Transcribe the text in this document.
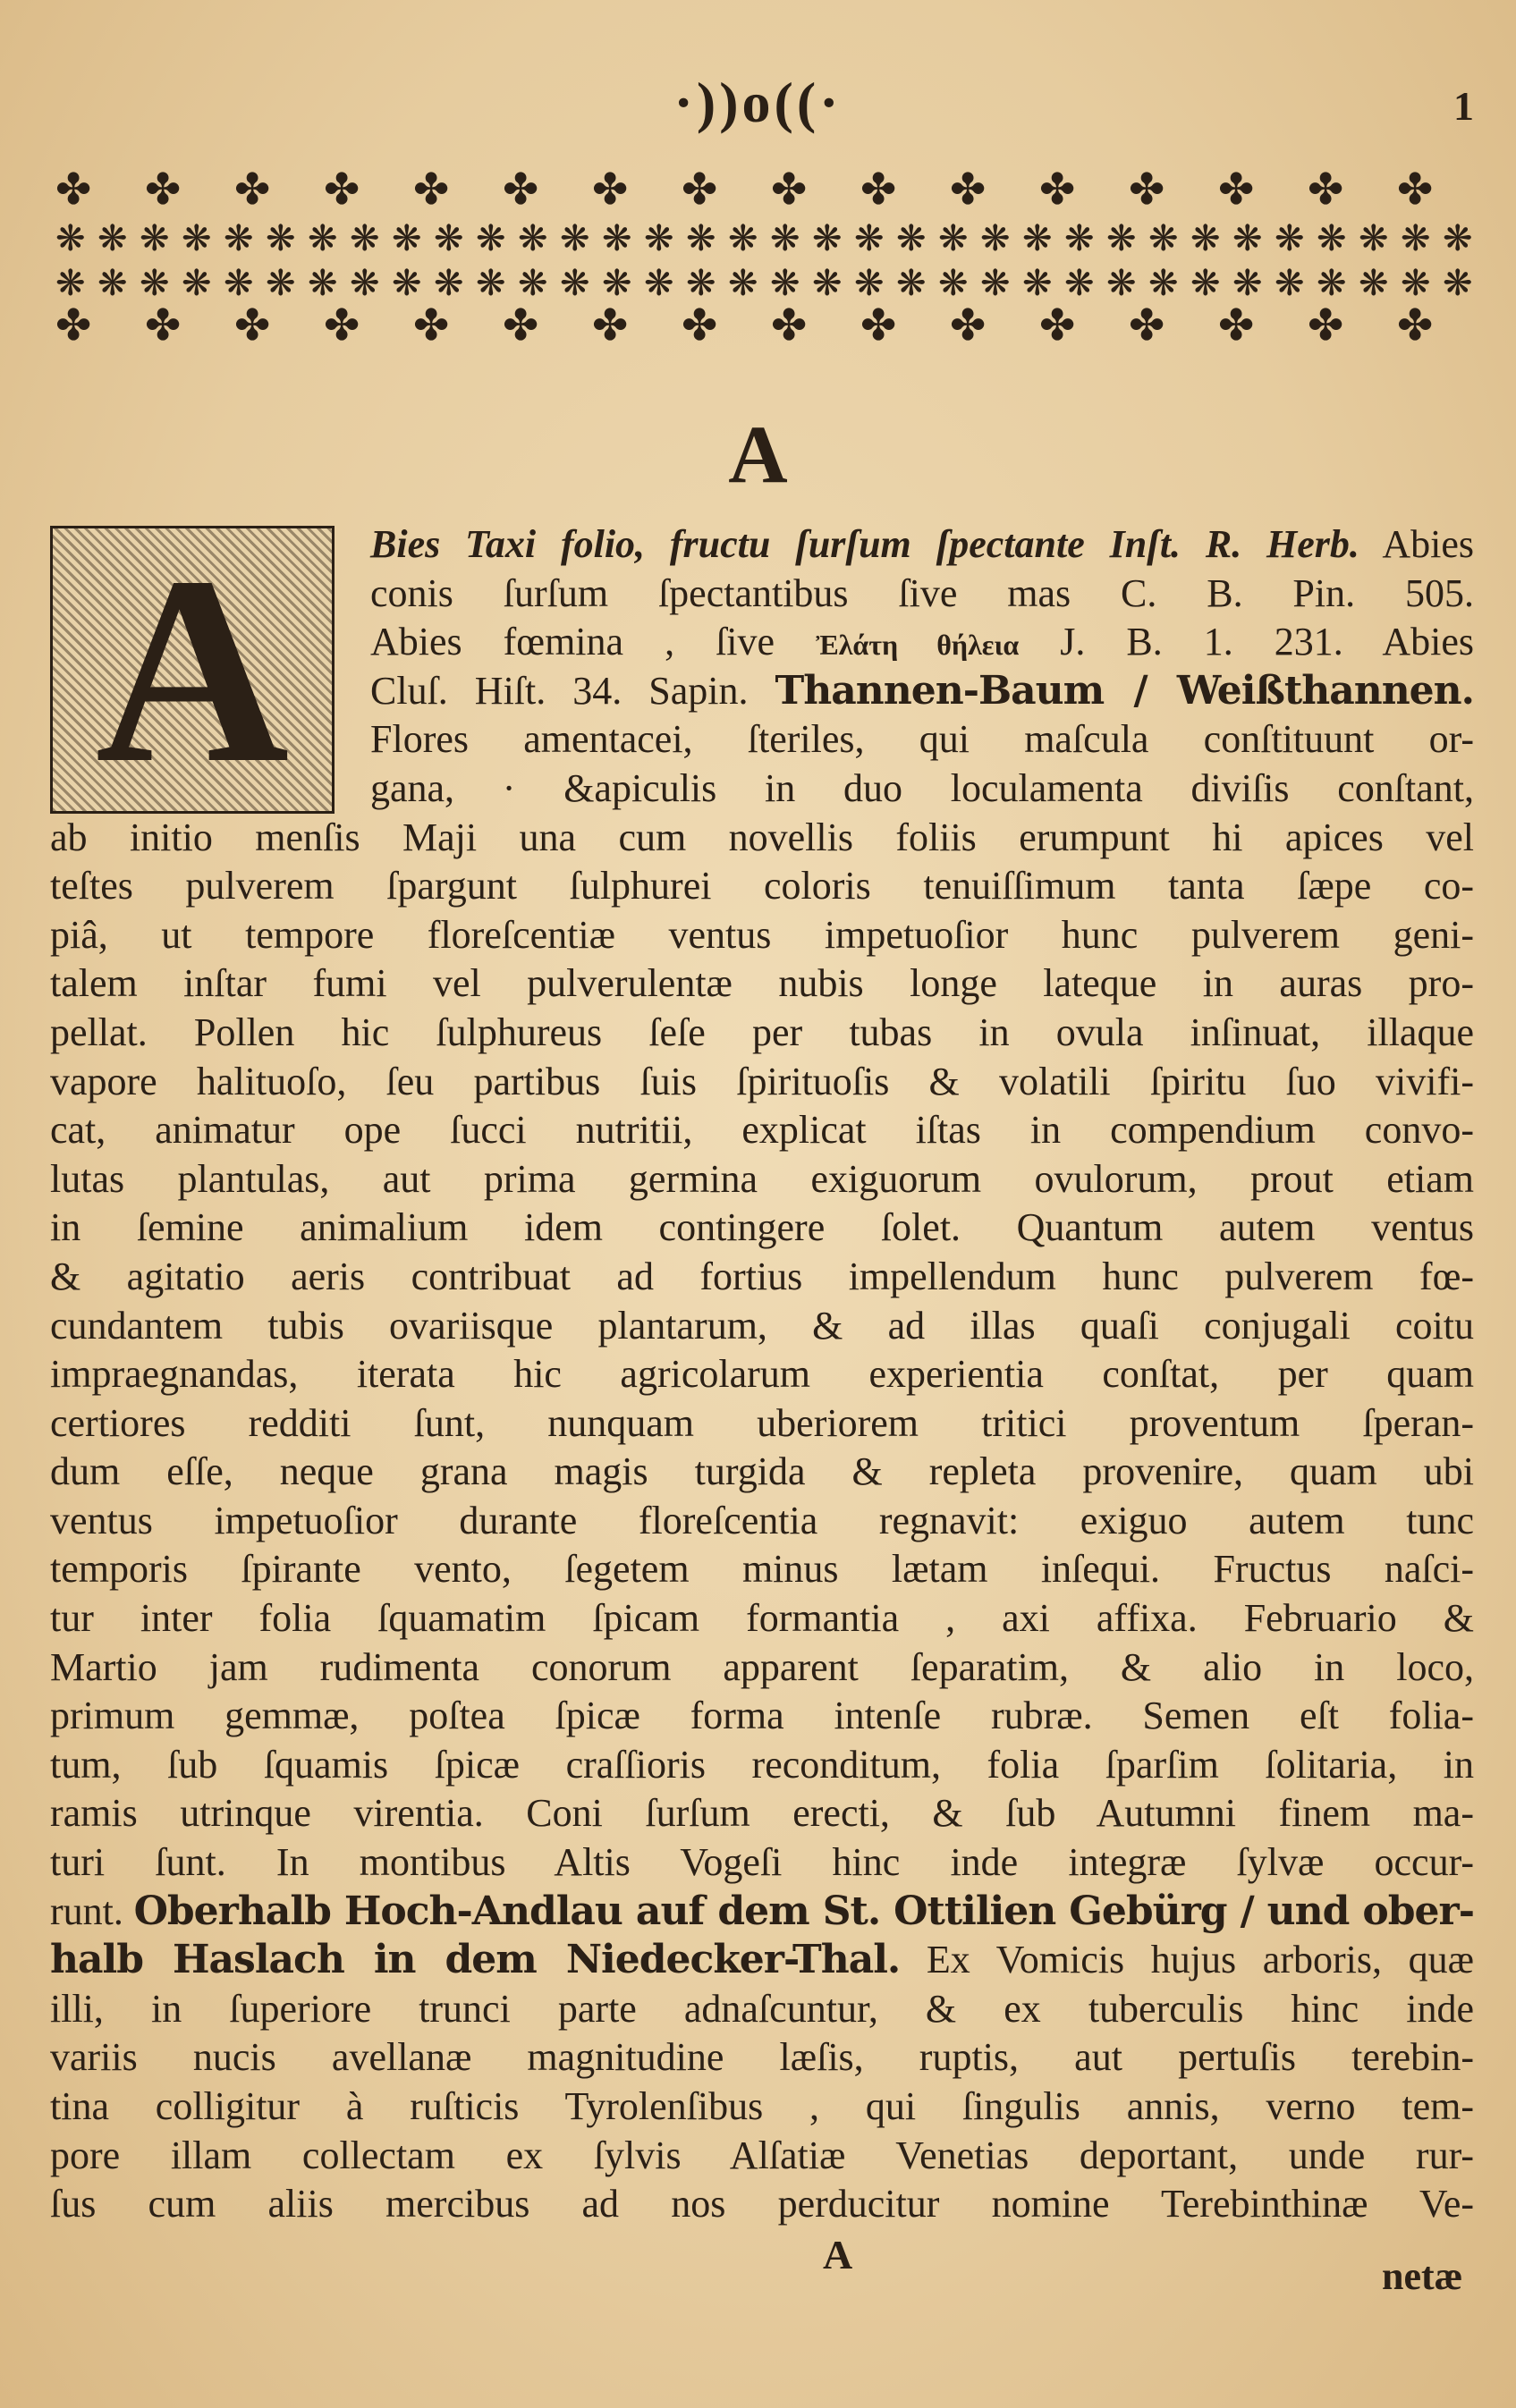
·))o((·	1
✤ ✤ ✤ ✤ ✤ ✤ ✤ ✤ ✤ ✤ ✤ ✤ ✤ ✤ ✤ ✤
❋ ❋ ❋ ❋ ❋ ❋ ❋ ❋ ❋ ❋ ❋ ❋ ❋ ❋ ❋ ❋ ❋ ❋ ❋ ❋ ❋ ❋ ❋ ❋ ❋ ❋ ❋ ❋ ❋ ❋ ❋ ❋ ❋ ❋
❋ ❋ ❋ ❋ ❋ ❋ ❋ ❋ ❋ ❋ ❋ ❋ ❋ ❋ ❋ ❋ ❋ ❋ ❋ ❋ ❋ ❋ ❋ ❋ ❋ ❋ ❋ ❋ ❋ ❋ ❋ ❋ ❋ ❋
✤ ✤ ✤ ✤ ✤ ✤ ✤ ✤ ✤ ✤ ✤ ✤ ✤ ✤ ✤ ✤
A
A	Bies Taxi folio, fructu ſurſum ſpectante Inſt. R. Herb. Abies
conis ſurſum ſpectantibus ſive mas C. B. Pin. 505.
Abies fœmina , ſive Ἐλάτη θήλεια J. B. 1. 231. Abies
Cluſ. Hiſt. 34. Sapin. Thannen-Baum / Weißthannen.
Flores amentacei, ſteriles, qui maſcula conſtituunt or-
gana, · &apiculis in duo loculamenta diviſis conſtant,
ab initio menſis Maji una cum novellis foliis erumpunt hi apices vel
teſtes pulverem ſpargunt ſulphurei coloris tenuiſſimum tanta ſæpe co-
piâ, ut tempore floreſcentiæ ventus impetuoſior hunc pulverem geni-
talem inſtar fumi vel pulverulentæ nubis longe lateque in auras pro-
pellat. Pollen hic ſulphureus ſeſe per tubas in ovula inſinuat, illaque
vapore halituoſo, ſeu partibus ſuis ſpirituoſis & volatili ſpiritu ſuo vivifi-
cat, animatur ope ſucci nutritii, explicat iſtas in compendium convo-
lutas plantulas, aut prima germina exiguorum ovulorum, prout etiam
in ſemine animalium idem contingere ſolet. Quantum autem ventus
& agitatio aeris contribuat ad fortius impellendum hunc pulverem fœ-
cundantem tubis ovariisque plantarum, & ad illas quaſi conjugali coitu
impraegnandas, iterata hic agricolarum experientia conſtat, per quam
certiores redditi ſunt, nunquam uberiorem tritici proventum ſperan-
dum eſſe, neque grana magis turgida & repleta provenire, quam ubi
ventus impetuoſior durante floreſcentia regnavit: exiguo autem tunc
temporis ſpirante vento, ſegetem minus lætam inſequi. Fructus naſci-
tur inter folia ſquamatim ſpicam formantia , axi affixa. Februario &
Martio jam rudimenta conorum apparent ſeparatim, & alio in loco,
primum gemmæ, poſtea ſpicæ forma intenſe rubræ. Semen eſt folia-
tum, ſub ſquamis ſpicæ craſſioris reconditum, folia ſparſim ſolitaria, in
ramis utrinque virentia. Coni ſurſum erecti, & ſub Autumni finem ma-
turi ſunt. In montibus Altis Vogeſi hinc inde integræ ſylvæ occur-
runt. Oberhalb Hoch-Andlau auf dem St. Ottilien Gebürg / und ober-
halb Haslach in dem Niedecker-Thal. Ex Vomicis hujus arboris, quæ
illi, in ſuperiore trunci parte adnaſcuntur, & ex tuberculis hinc inde
variis nucis avellanæ magnitudine læſis, ruptis, aut pertuſis terebin-
tina colligitur à ruſticis Tyrolenſibus , qui ſingulis annis, verno tem-
pore illam collectam ex ſylvis Alſatiæ Venetias deportant, unde rur-
ſus cum aliis mercibus ad nos perducitur nomine Terebinthinæ Ve-
A	netæ
